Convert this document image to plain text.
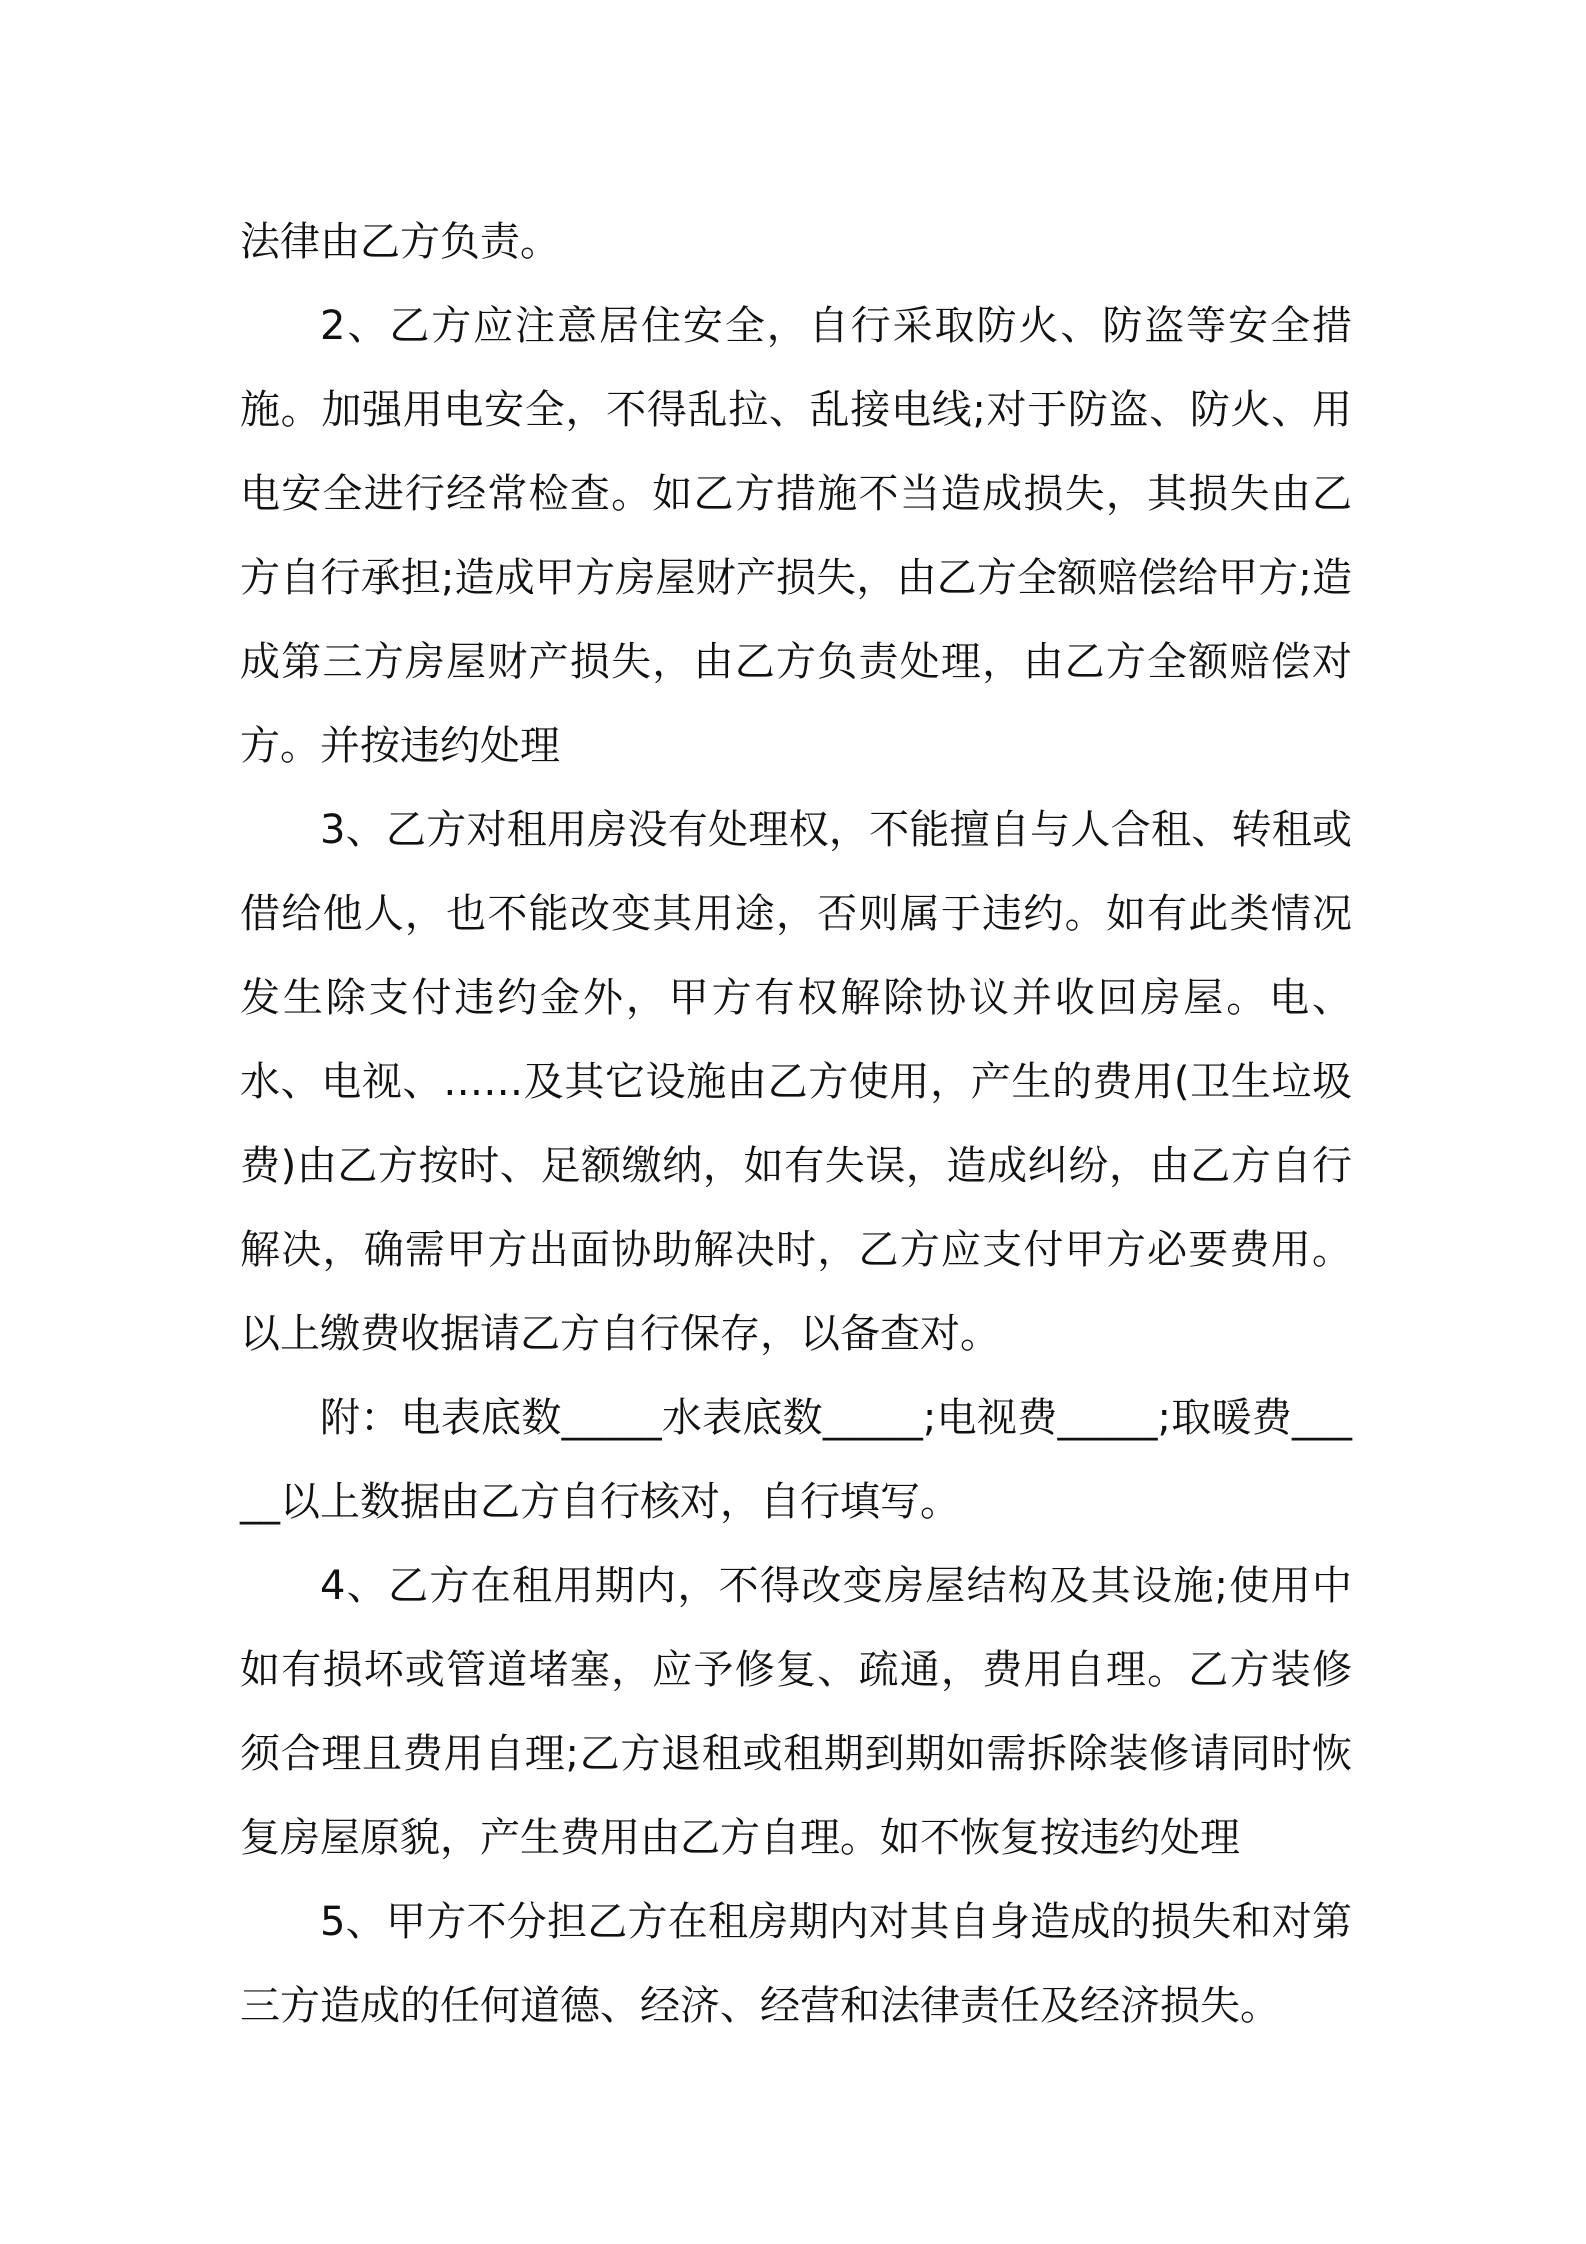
法律由乙方负责。

2、乙方应注意居住安全，自行采取防火、防盗等安全措施。加强用电安全，不得乱拉、乱接电线;对于防盗、防火、用电安全进行经常检查。如乙方措施不当造成损失，其损失由乙方自行承担;造成甲方房屋财产损失，由乙方全额赔偿给甲方;造成第三方房屋财产损失，由乙方负责处理，由乙方全额赔偿对方。并按违约处理

3、乙方对租用房没有处理权，不能擅自与人合租、转租或借给他人，也不能改变其用途，否则属于违约。如有此类情况发生除支付违约金外，甲方有权解除协议并收回房屋。电、水、电视、……及其它设施由乙方使用，产生的费用(卫生垃圾费)由乙方按时、足额缴纳，如有失误，造成纠纷，由乙方自行解决，确需甲方出面协助解决时，乙方应支付甲方必要费用。以上缴费收据请乙方自行保存，以备查对。

附：电表底数_____水表底数_____;电视费_____;取暖费_____以上数据由乙方自行核对，自行填写。

4、乙方在租用期内，不得改变房屋结构及其设施;使用中如有损坏或管道堵塞，应予修复、疏通，费用自理。乙方装修须合理且费用自理;乙方退租或租期到期如需拆除装修请同时恢复房屋原貌，产生费用由乙方自理。如不恢复按违约处理

5、甲方不分担乙方在租房期内对其自身造成的损失和对第三方造成的任何道德、经济、经营和法律责任及经济损失。
